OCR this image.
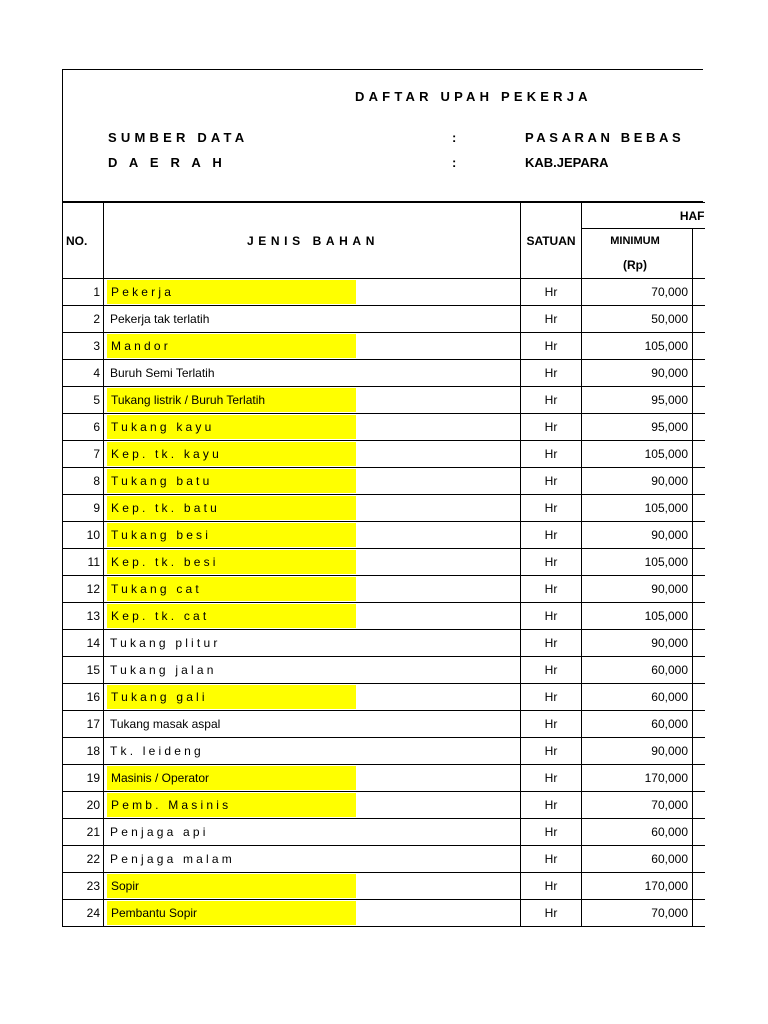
DAFTAR UPAH PEKERJA
SUMBER DATA	:	PASARAN BEBAS
D A E R A H	:	KAB.JEPARA
NO.	JENIS BAHAN	SATUAN	HAF	
			MINIMUM	
			(Rp)	
1	Pekerja	Hr	70,000	
2	Pekerja tak terlatih	Hr	50,000	
3	Mandor	Hr	105,000	
4	Buruh Semi Terlatih	Hr	90,000	
5	Tukang listrik / Buruh Terlatih	Hr	95,000	
6	Tukang kayu	Hr	95,000	
7	Kep. tk. kayu	Hr	105,000	
8	Tukang batu	Hr	90,000	
9	Kep. tk. batu	Hr	105,000	
10	Tukang besi	Hr	90,000	
11	Kep. tk. besi	Hr	105,000	
12	Tukang cat	Hr	90,000	
13	Kep. tk. cat	Hr	105,000	
14	Tukang plitur	Hr	90,000	
15	Tukang jalan	Hr	60,000	
16	Tukang gali	Hr	60,000	
17	Tukang masak aspal	Hr	60,000	
18	Tk. leideng	Hr	90,000	
19	Masinis / Operator	Hr	170,000	
20	Pemb. Masinis	Hr	70,000	
21	Penjaga api	Hr	60,000	
22	Penjaga malam	Hr	60,000	
23	Sopir	Hr	170,000	
24	Pembantu Sopir	Hr	70,000	
